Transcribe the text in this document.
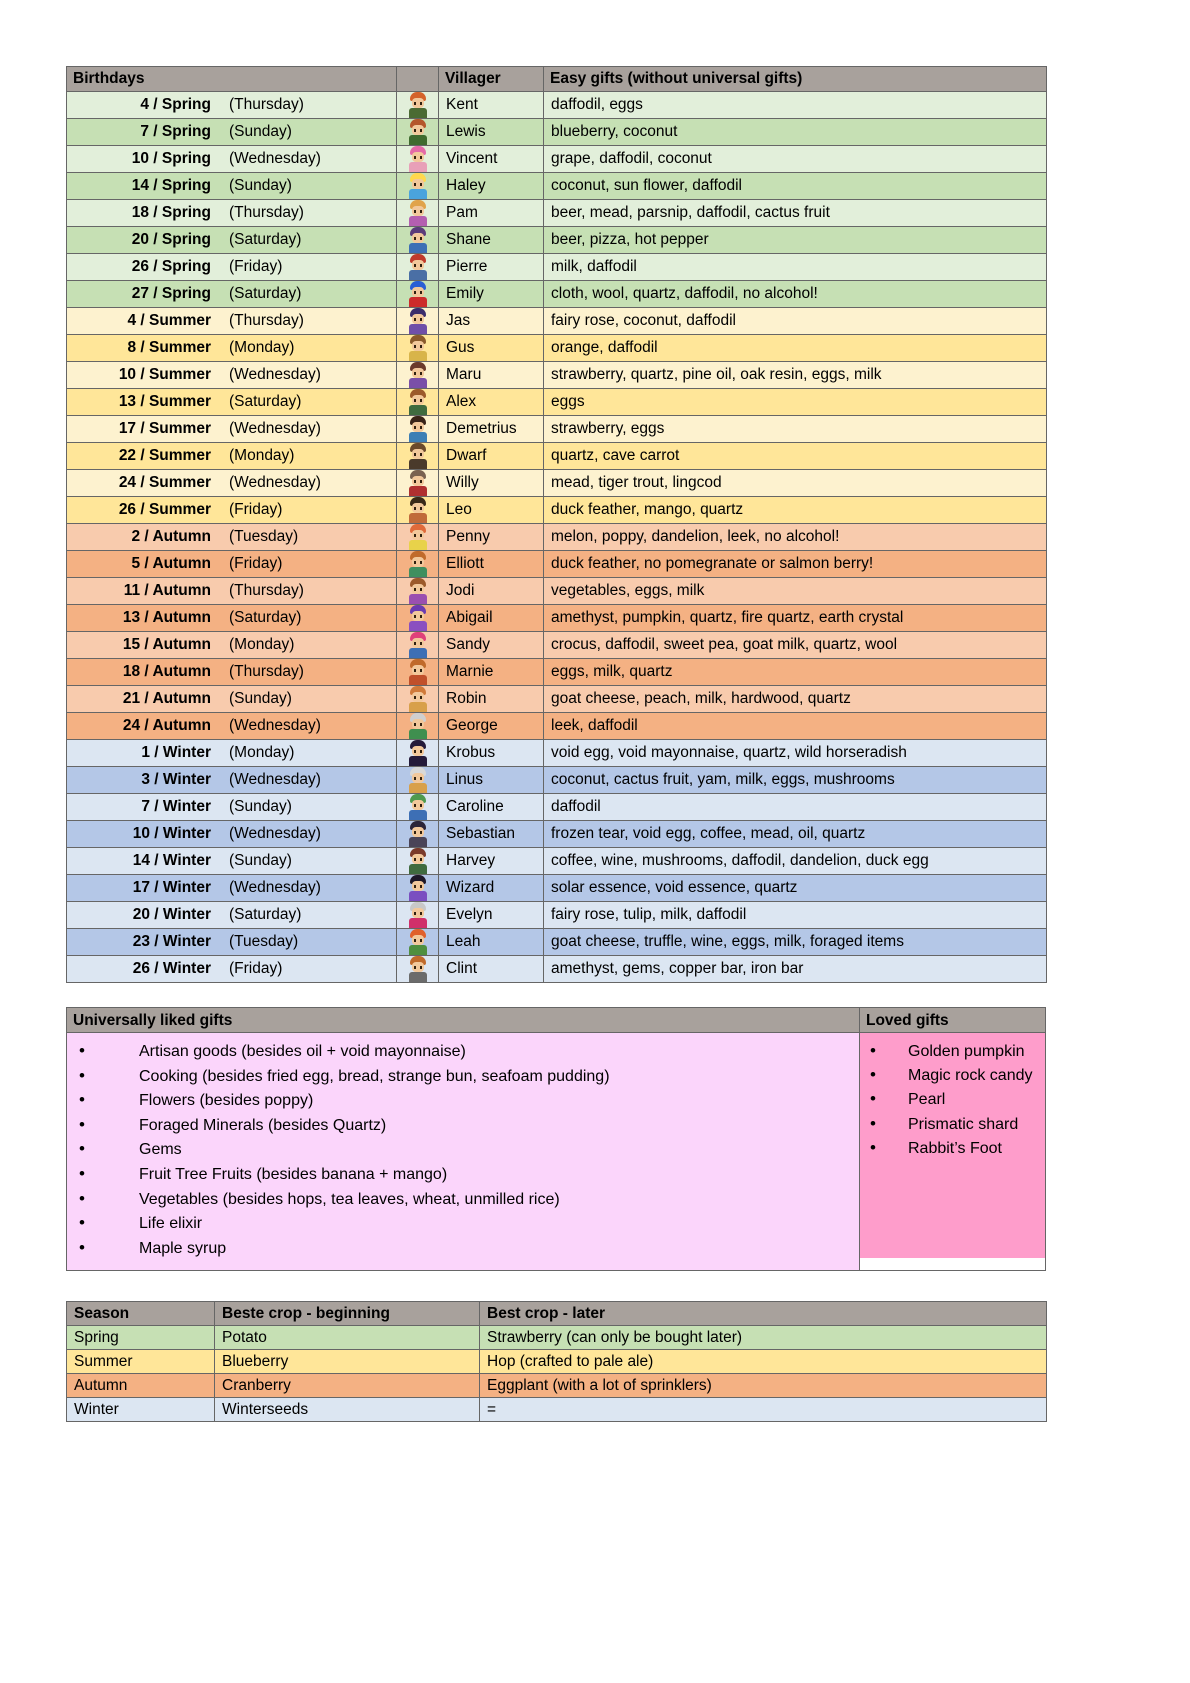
Birthdays		Villager	Easy gifts (without universal gifts)

4 / Spring (Thursday)		Kent	daffodil, eggs

7 / Spring (Sunday)		Lewis	blueberry, coconut

10 / Spring (Wednesday)		Vincent	grape, daffodil, coconut

14 / Spring (Sunday)		Haley	coconut, sun flower, daffodil

18 / Spring (Thursday)		Pam	beer, mead, parsnip, daffodil, cactus fruit

20 / Spring (Saturday)		Shane	beer, pizza, hot pepper

26 / Spring (Friday)		Pierre	milk, daffodil

27 / Spring (Saturday)		Emily	cloth, wool, quartz, daffodil, no alcohol!

4 / Summer (Thursday)		Jas	fairy rose, coconut, daffodil

8 / Summer (Monday)		Gus	orange, daffodil

10 / Summer (Wednesday)		Maru	strawberry, quartz, pine oil, oak resin, eggs, milk

13 / Summer (Saturday)		Alex	eggs

17 / Summer (Wednesday)		Demetrius	strawberry, eggs

22 / Summer (Monday)		Dwarf	quartz, cave carrot

24 / Summer (Wednesday)		Willy	mead, tiger trout, lingcod

26 / Summer (Friday)		Leo	duck feather, mango, quartz

2 / Autumn (Tuesday)		Penny	melon, poppy, dandelion, leek, no alcohol!

5 / Autumn (Friday)		Elliott	duck feather, no pomegranate or salmon berry!

11 / Autumn (Thursday)		Jodi	vegetables, eggs, milk

13 / Autumn (Saturday)		Abigail	amethyst, pumpkin, quartz, fire quartz, earth crystal

15 / Autumn (Monday)		Sandy	crocus, daffodil, sweet pea, goat milk, quartz, wool

18 / Autumn (Thursday)		Marnie	eggs, milk, quartz

21 / Autumn (Sunday)		Robin	goat cheese, peach, milk, hardwood, quartz

24 / Autumn (Wednesday)		George	leek, daffodil

1 / Winter (Monday)		Krobus	void egg, void mayonnaise, quartz, wild horseradish

3 / Winter (Wednesday)		Linus	coconut, cactus fruit, yam, milk, eggs, mushrooms

7 / Winter (Sunday)		Caroline	daffodil

10 / Winter (Wednesday)		Sebastian	frozen tear, void egg, coffee, mead, oil, quartz

14 / Winter (Sunday)		Harvey	coffee, wine, mushrooms, daffodil, dandelion, duck egg

17 / Winter (Wednesday)		Wizard	solar essence, void essence, quartz

20 / Winter (Saturday)		Evelyn	fairy rose, tulip, milk, daffodil

23 / Winter (Tuesday)		Leah	goat cheese, truffle, wine, eggs, milk, foraged items

26 / Winter (Friday)		Clint	amethyst, gems, copper bar, iron bar
Universally liked gifts
• Artisan goods (besides oil + void mayonnaise)
• Cooking (besides fried egg, bread, strange bun, seafoam pudding)
• Flowers (besides poppy)
• Foraged Minerals (besides Quartz)
• Gems
• Fruit Tree Fruits (besides banana + mango)
• Vegetables (besides hops, tea leaves, wheat, unmilled rice)
• Life elixir
• Maple syrup
Loved gifts
• Golden pumpkin
• Magic rock candy
• Pearl
• Prismatic shard
• Rabbit’s Foot
Season	Beste crop - beginning	Best crop - later
Spring	Potato	Strawberry (can only be bought later)
Summer	Blueberry	Hop (crafted to pale ale)
Autumn	Cranberry	Eggplant (with a lot of sprinklers)
Winter	Winterseeds	=
